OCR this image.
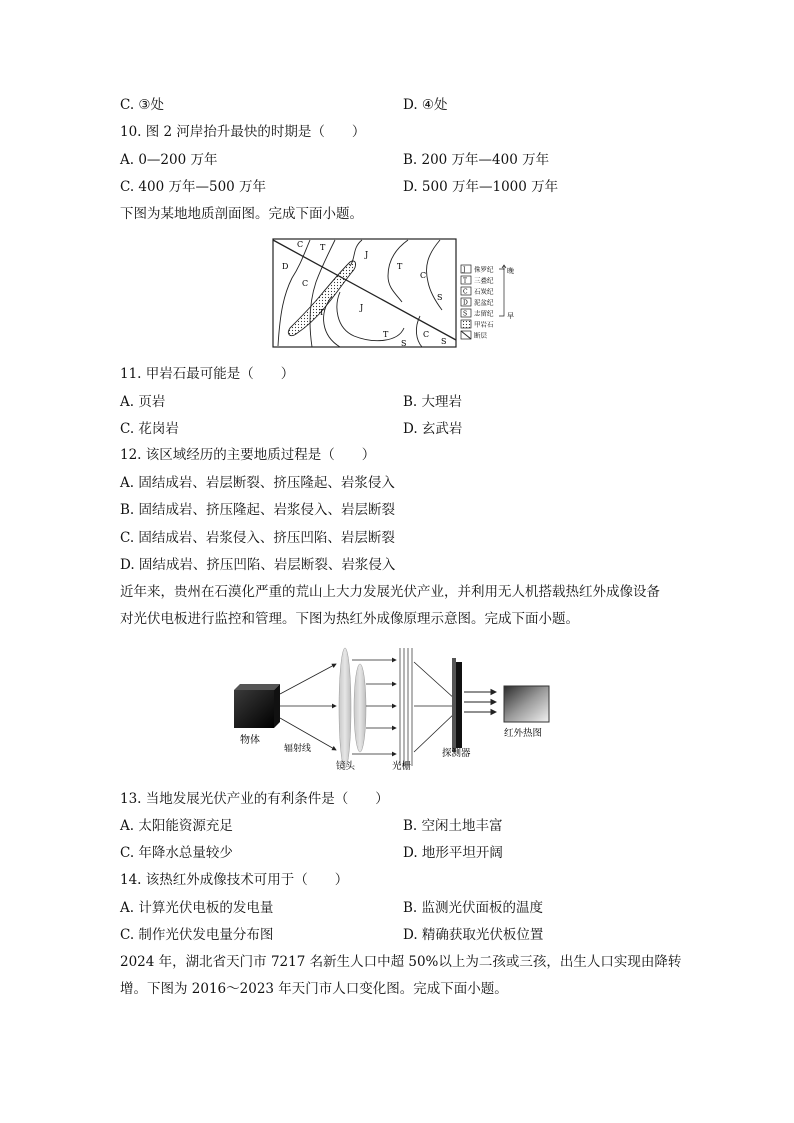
C. ③处	D. ④处
10. 图 2 河岸抬升最快的时期是（　　）
A. 0—200 万年	B. 200 万年—400 万年
C. 400 万年—500 万年	D. 500 万年—1000 万年
下图为某地地质剖面图。完成下面小题。
C T
J
D
C
T
C
J
S
T
C
S
T
S
J 侏罗纪
T 三叠纪
C 石炭纪
D 泥盆纪
S 志留纪
甲岩石
断层
晚
早
11. 甲岩石最可能是（　　）
A. 页岩	B. 大理岩
C. 花岗岩	D. 玄武岩
12. 该区域经历的主要地质过程是（　　）
A. 固结成岩、岩层断裂、挤压隆起、岩浆侵入
B. 固结成岩、挤压隆起、岩浆侵入、岩层断裂
C. 固结成岩、岩浆侵入、挤压凹陷、岩层断裂
D. 固结成岩、挤压凹陷、岩层断裂、岩浆侵入
近年来，贵州在石漠化严重的荒山上大力发展光伏产业，并利用无人机搭载热红外成像设备
对光伏电板进行监控和管理。下图为热红外成像原理示意图。完成下面小题。
物体
辐射线
镜头	光栅
探测器
红外热图
13. 当地发展光伏产业的有利条件是（　　）
A. 太阳能资源充足	B. 空闲土地丰富
C. 年降水总量较少	D. 地形平坦开阔
14. 该热红外成像技术可用于（　　）
A. 计算光伏电板的发电量	B. 监测光伏面板的温度
C. 制作光伏发电量分布图	D. 精确获取光伏板位置
2024 年，湖北省天门市 7217 名新生人口中超 50%以上为二孩或三孩，出生人口实现由降转
增。下图为 2016～2023 年天门市人口变化图。完成下面小题。
